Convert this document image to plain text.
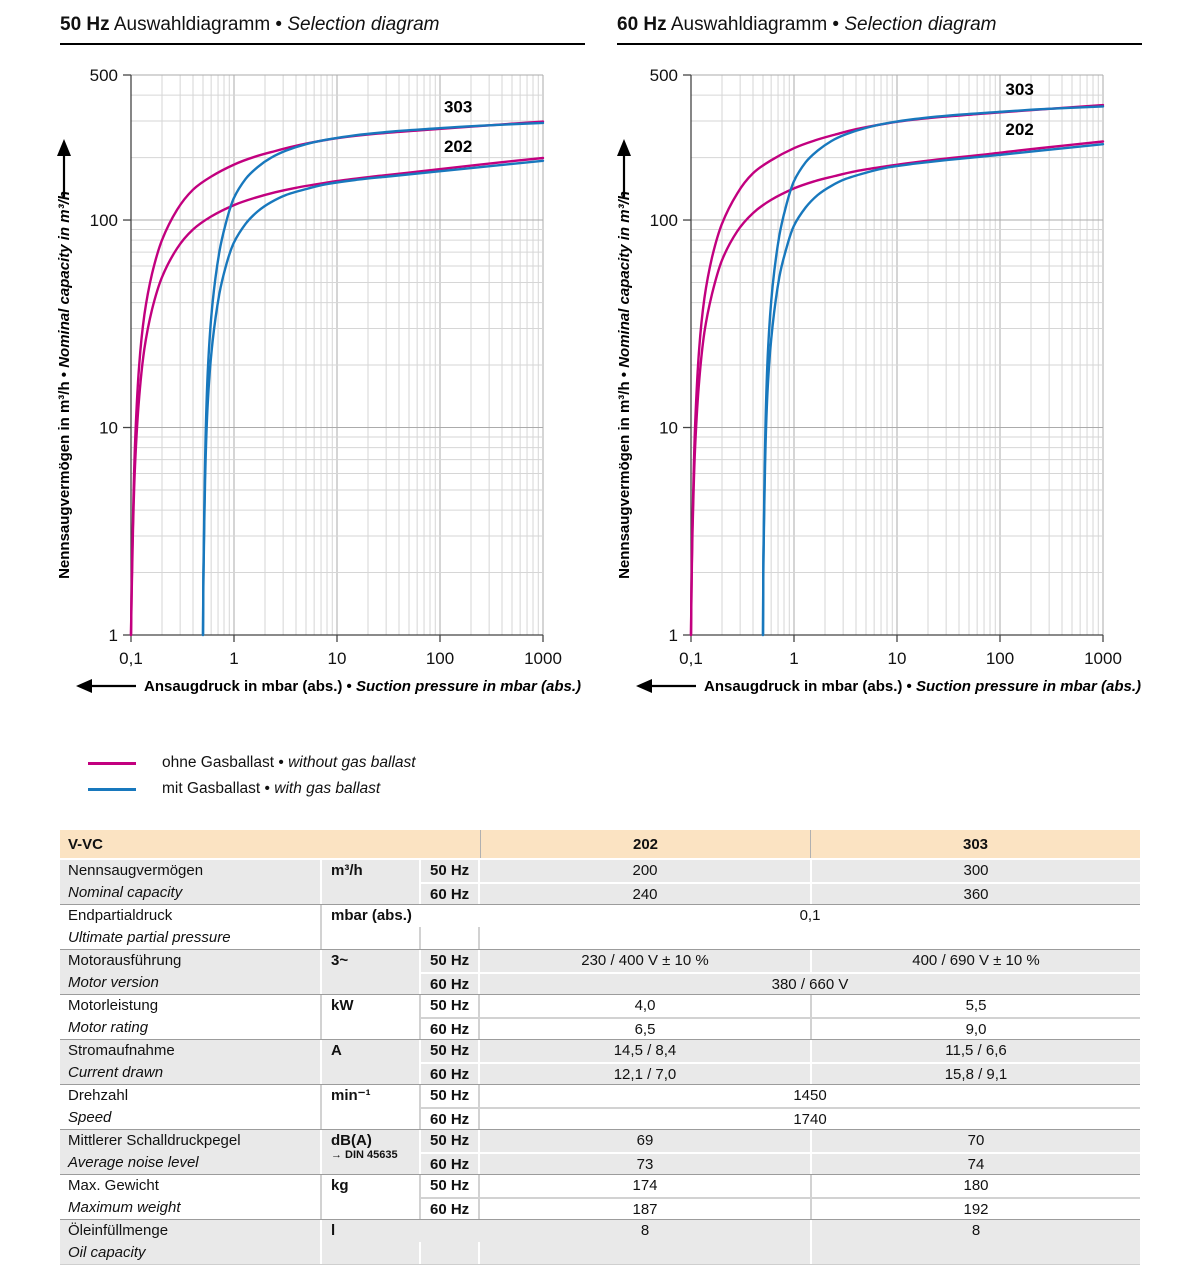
50 Hz Auswahldiagramm • Selection diagram	60 Hz Auswahldiagramm • Selection diagram
0,1	1	10	100	1000
1
10
100
500
303
202
Nennsaugvermögen in m³/h • Nominal capacity in m³/h
Ansaugdruck in mbar (abs.) • Suction pressure in mbar (abs.)
0,1	1	10	100	1000
1
10
100
500
303
202
Nennsaugvermögen in m³/h • Nominal capacity in m³/h
Ansaugdruck in mbar (abs.) • Suction pressure in mbar (abs.)
ohne Gasballast • without gas ballast
mit Gasballast • with gas ballast
V-VC	202	303
Nennsaugvermögen
Nominal capacity
m³/h	50 Hz	200	300
60 Hz	240	360
Endpartialdruck
Ultimate partial pressure
mbar (abs.)	0,1
Motorausführung
Motor version
3~	50 Hz	230 / 400 V ± 10 %	400 / 690 V ± 10 %
60 Hz	380 / 660 V
Motorleistung
Motor rating
kW	50 Hz	4,0	5,5
60 Hz	6,5	9,0
Stromaufnahme
Current drawn
A	50 Hz	14,5 / 8,4	11,5 / 6,6
60 Hz	12,1 / 7,0	15,8 / 9,1
Drehzahl
Speed
min⁻¹	50 Hz	1450
60 Hz	1740
Mittlerer Schalldruckpegel
Average noise level
dB(A)
→ DIN 45635
50 Hz	69	70
60 Hz	73	74
Max. Gewicht
Maximum weight
kg	50 Hz	174	180
60 Hz	187	192
Öleinfüllmenge
Oil capacity
l	8	8
